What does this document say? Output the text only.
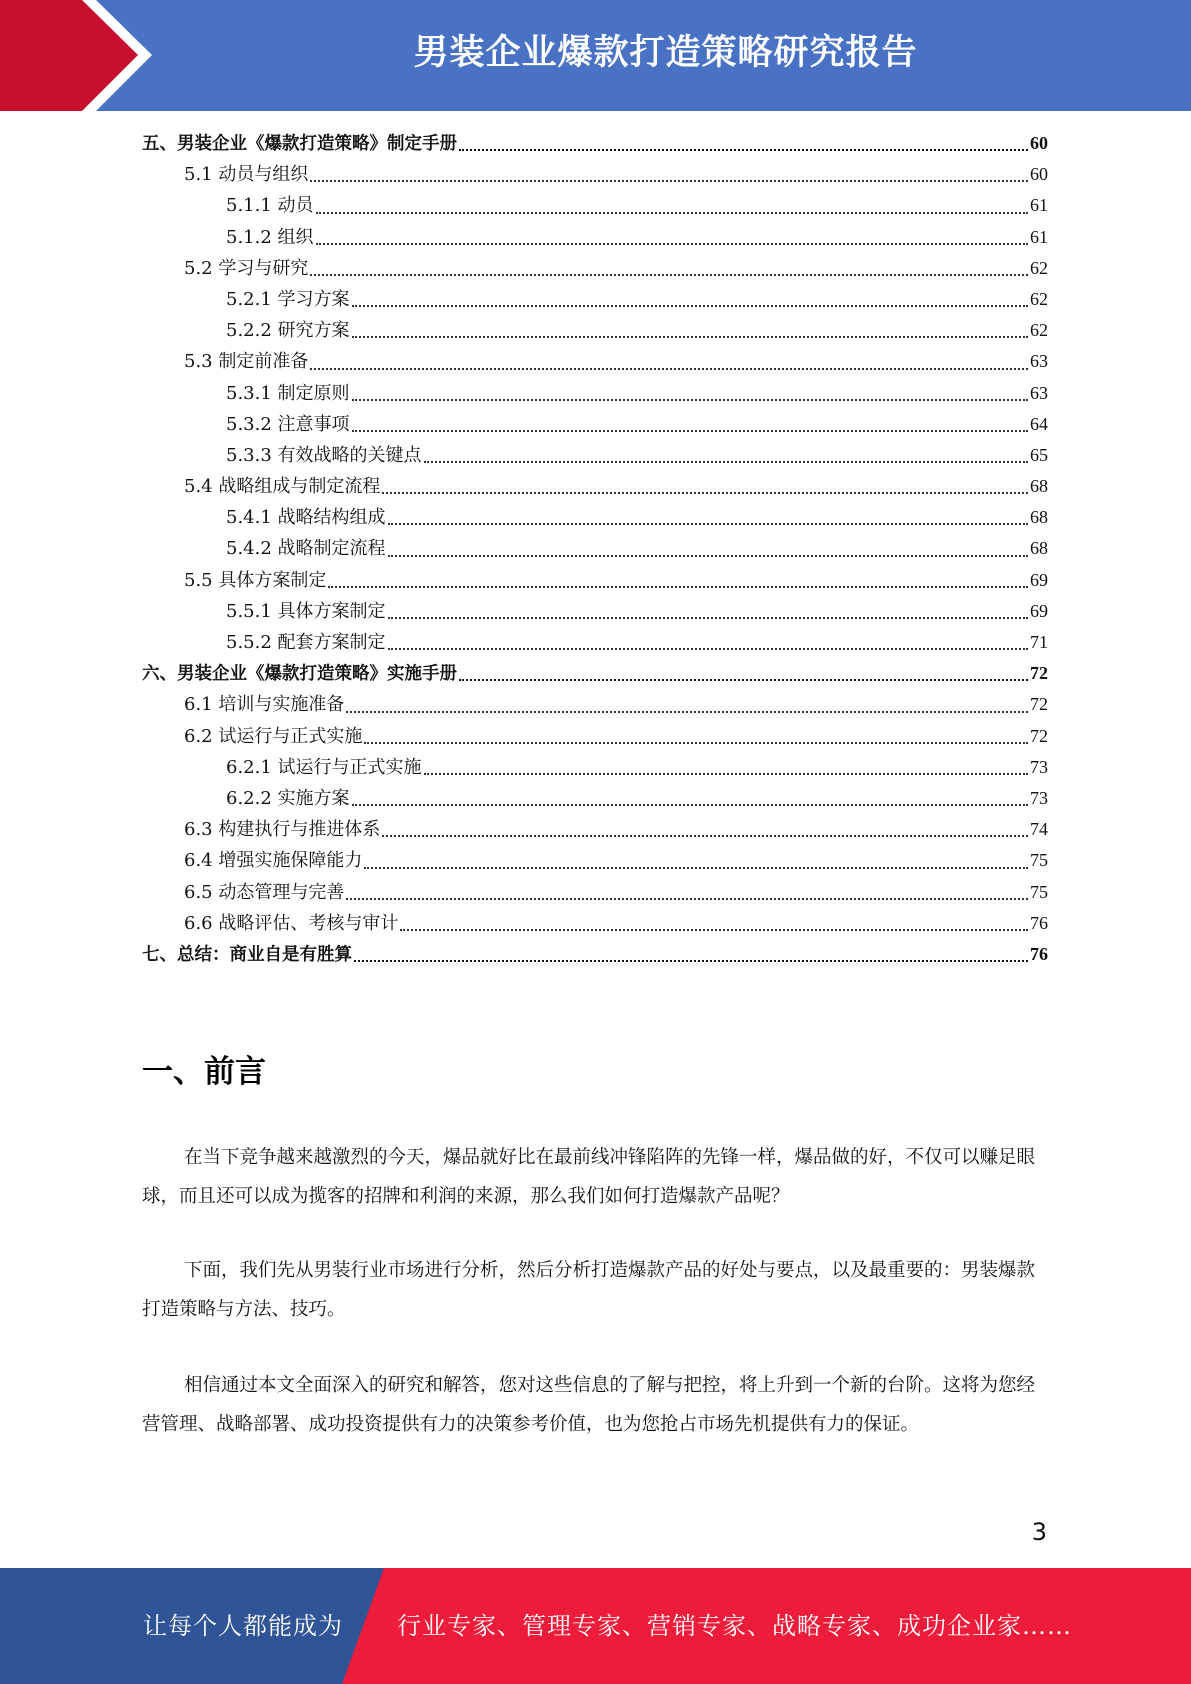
男装企业爆款打造策略研究报告
五、男装企业《爆款打造策略》制定手册	60
5.1 动员与组织	60
5.1.1 动员	61
5.1.2 组织	61
5.2 学习与研究	62
5.2.1 学习方案	62
5.2.2 研究方案	62
5.3 制定前准备	63
5.3.1 制定原则	63
5.3.2 注意事项	64
5.3.3 有效战略的关键点	65
5.4 战略组成与制定流程	68
5.4.1 战略结构组成	68
5.4.2 战略制定流程	68
5.5 具体方案制定	69
5.5.1 具体方案制定	69
5.5.2 配套方案制定	71
六、男装企业《爆款打造策略》实施手册	72
6.1 培训与实施准备	72
6.2 试运行与正式实施	72
6.2.1 试运行与正式实施	73
6.2.2 实施方案	73
6.3 构建执行与推进体系	74
6.4 增强实施保障能力	75
6.5 动态管理与完善	75
6.6 战略评估、考核与审计	76
七、总结：商业自是有胜算	76
一、前言

在当下竞争越来越激烈的今天，爆品就好比在最前线冲锋陷阵的先锋一样，爆品做的好，不仅可以赚足眼球，而且还可以成为揽客的招牌和利润的来源，那么我们如何打造爆款产品呢？

下面，我们先从男装行业市场进行分析，然后分析打造爆款产品的好处与要点，以及最重要的：男装爆款打造策略与方法、技巧。

相信通过本文全面深入的研究和解答，您对这些信息的了解与把控，将上升到一个新的台阶。这将为您经营管理、战略部署、成功投资提供有力的决策参考价值，也为您抢占市场先机提供有力的保证。

3
让每个人都能成为 行业专家、管理专家、营销专家、战略专家、成功企业家……
